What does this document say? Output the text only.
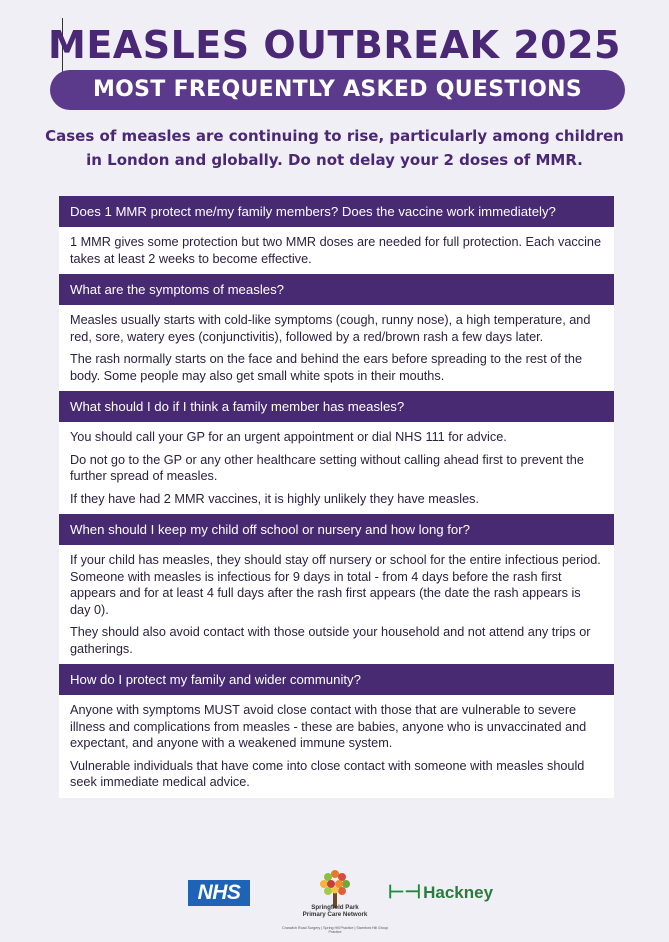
MEASLES OUTBREAK 2025
MOST FREQUENTLY ASKED QUESTIONS
Cases of measles are continuing to rise, particularly among children in London and globally. Do not delay your 2 doses of MMR.
Does 1 MMR protect me/my family members? Does the vaccine work immediately?

1 MMR gives some protection but two MMR doses are needed for full protection. Each vaccine takes at least 2 weeks to become effective.

What are the symptoms of measles?

Measles usually starts with cold-like symptoms (cough, runny nose), a high temperature, and red, sore, watery eyes (conjunctivitis), followed by a red/brown rash a few days later.

The rash normally starts on the face and behind the ears before spreading to the rest of the body. Some people may also get small white spots in their mouths.

What should I do if I think a family member has measles?

You should call your GP for an urgent appointment or dial NHS 111 for advice.

Do not go to the GP or any other healthcare setting without calling ahead first to prevent the further spread of measles.

If they have had 2 MMR vaccines, it is highly unlikely they have measles.

When should I keep my child off school or nursery and how long for?

If your child has measles, they should stay off nursery or school for the entire infectious period. Someone with measles is infectious for 9 days in total - from 4 days before the rash first appears and for at least 4 full days after the rash first appears (the date the rash appears is day 0).

They should also avoid contact with those outside your household and not attend any trips or gatherings.

How do I protect my family and wider community?

Anyone with symptoms MUST avoid close contact with those that are vulnerable to severe illness and complications from measles - these are babies, anyone who is unvaccinated and expectant, and anyone with a weakened immune system.

Vulnerable individuals that have come into close contact with someone with measles should seek immediate medical advice.

NHS
Springfield Park
Primary Care Network
Cranwich Road Surgery | Spring Hill Practice | Stamford Hill Group Practice
⊢⊣ Hackney
